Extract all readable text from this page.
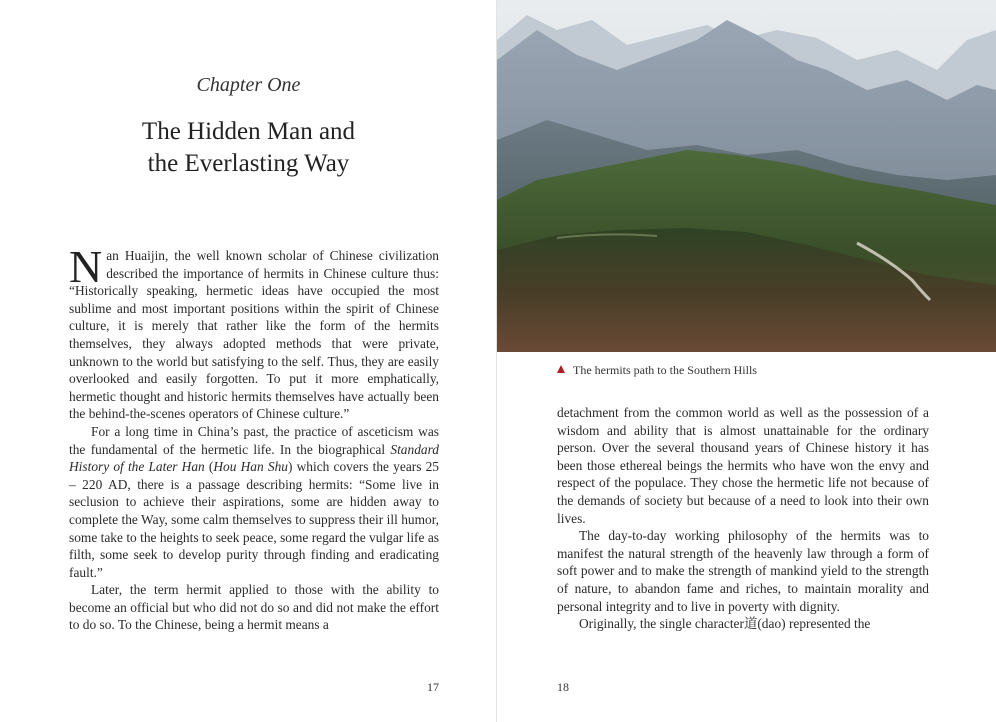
Chapter One
The Hidden Man and
the Everlasting Way

Nan Huaijin, the well known scholar of Chinese civilization described the importance of hermits in Chinese culture thus: “Historically speaking, hermetic ideas have occupied the most sublime and most important positions within the spirit of Chinese culture, it is merely that rather like the form of the hermits themselves, they always adopted methods that were private, unknown to the world but satisfying to the self. Thus, they are easily overlooked and easily forgotten. To put it more emphatically, hermetic thought and historic hermits themselves have actually been the behind-the-scenes operators of Chinese culture.”

For a long time in China’s past, the practice of asceticism was the fundamental of the hermetic life. In the biographical Standard History of the Later Han (Hou Han Shu) which covers the years 25 – 220 AD, there is a passage describing hermits: “Some live in seclusion to achieve their aspirations, some are hidden away to complete the Way, some calm themselves to suppress their ill humor, some take to the heights to seek peace, some regard the vulgar life as filth, some seek to develop purity through finding and eradicating fault.”

Later, the term hermit applied to those with the ability to become an official but who did not do so and did not make the effort to do so. To the Chinese, being a hermit means a

17
The hermits path to the Southern Hills

detachment from the common world as well as the possession of a wisdom and ability that is almost unattainable for the ordinary person. Over the several thousand years of Chinese history it has been those ethereal beings the hermits who have won the envy and respect of the populace. They chose the hermetic life not because of the demands of society but because of a need to look into their own lives.

The day-to-day working philosophy of the hermits was to manifest the natural strength of the heavenly law through a form of soft power and to make the strength of mankind yield to the strength of nature, to abandon fame and riches, to maintain morality and personal integrity and to live in poverty with dignity.

Originally, the single character道(dao) represented the

18
